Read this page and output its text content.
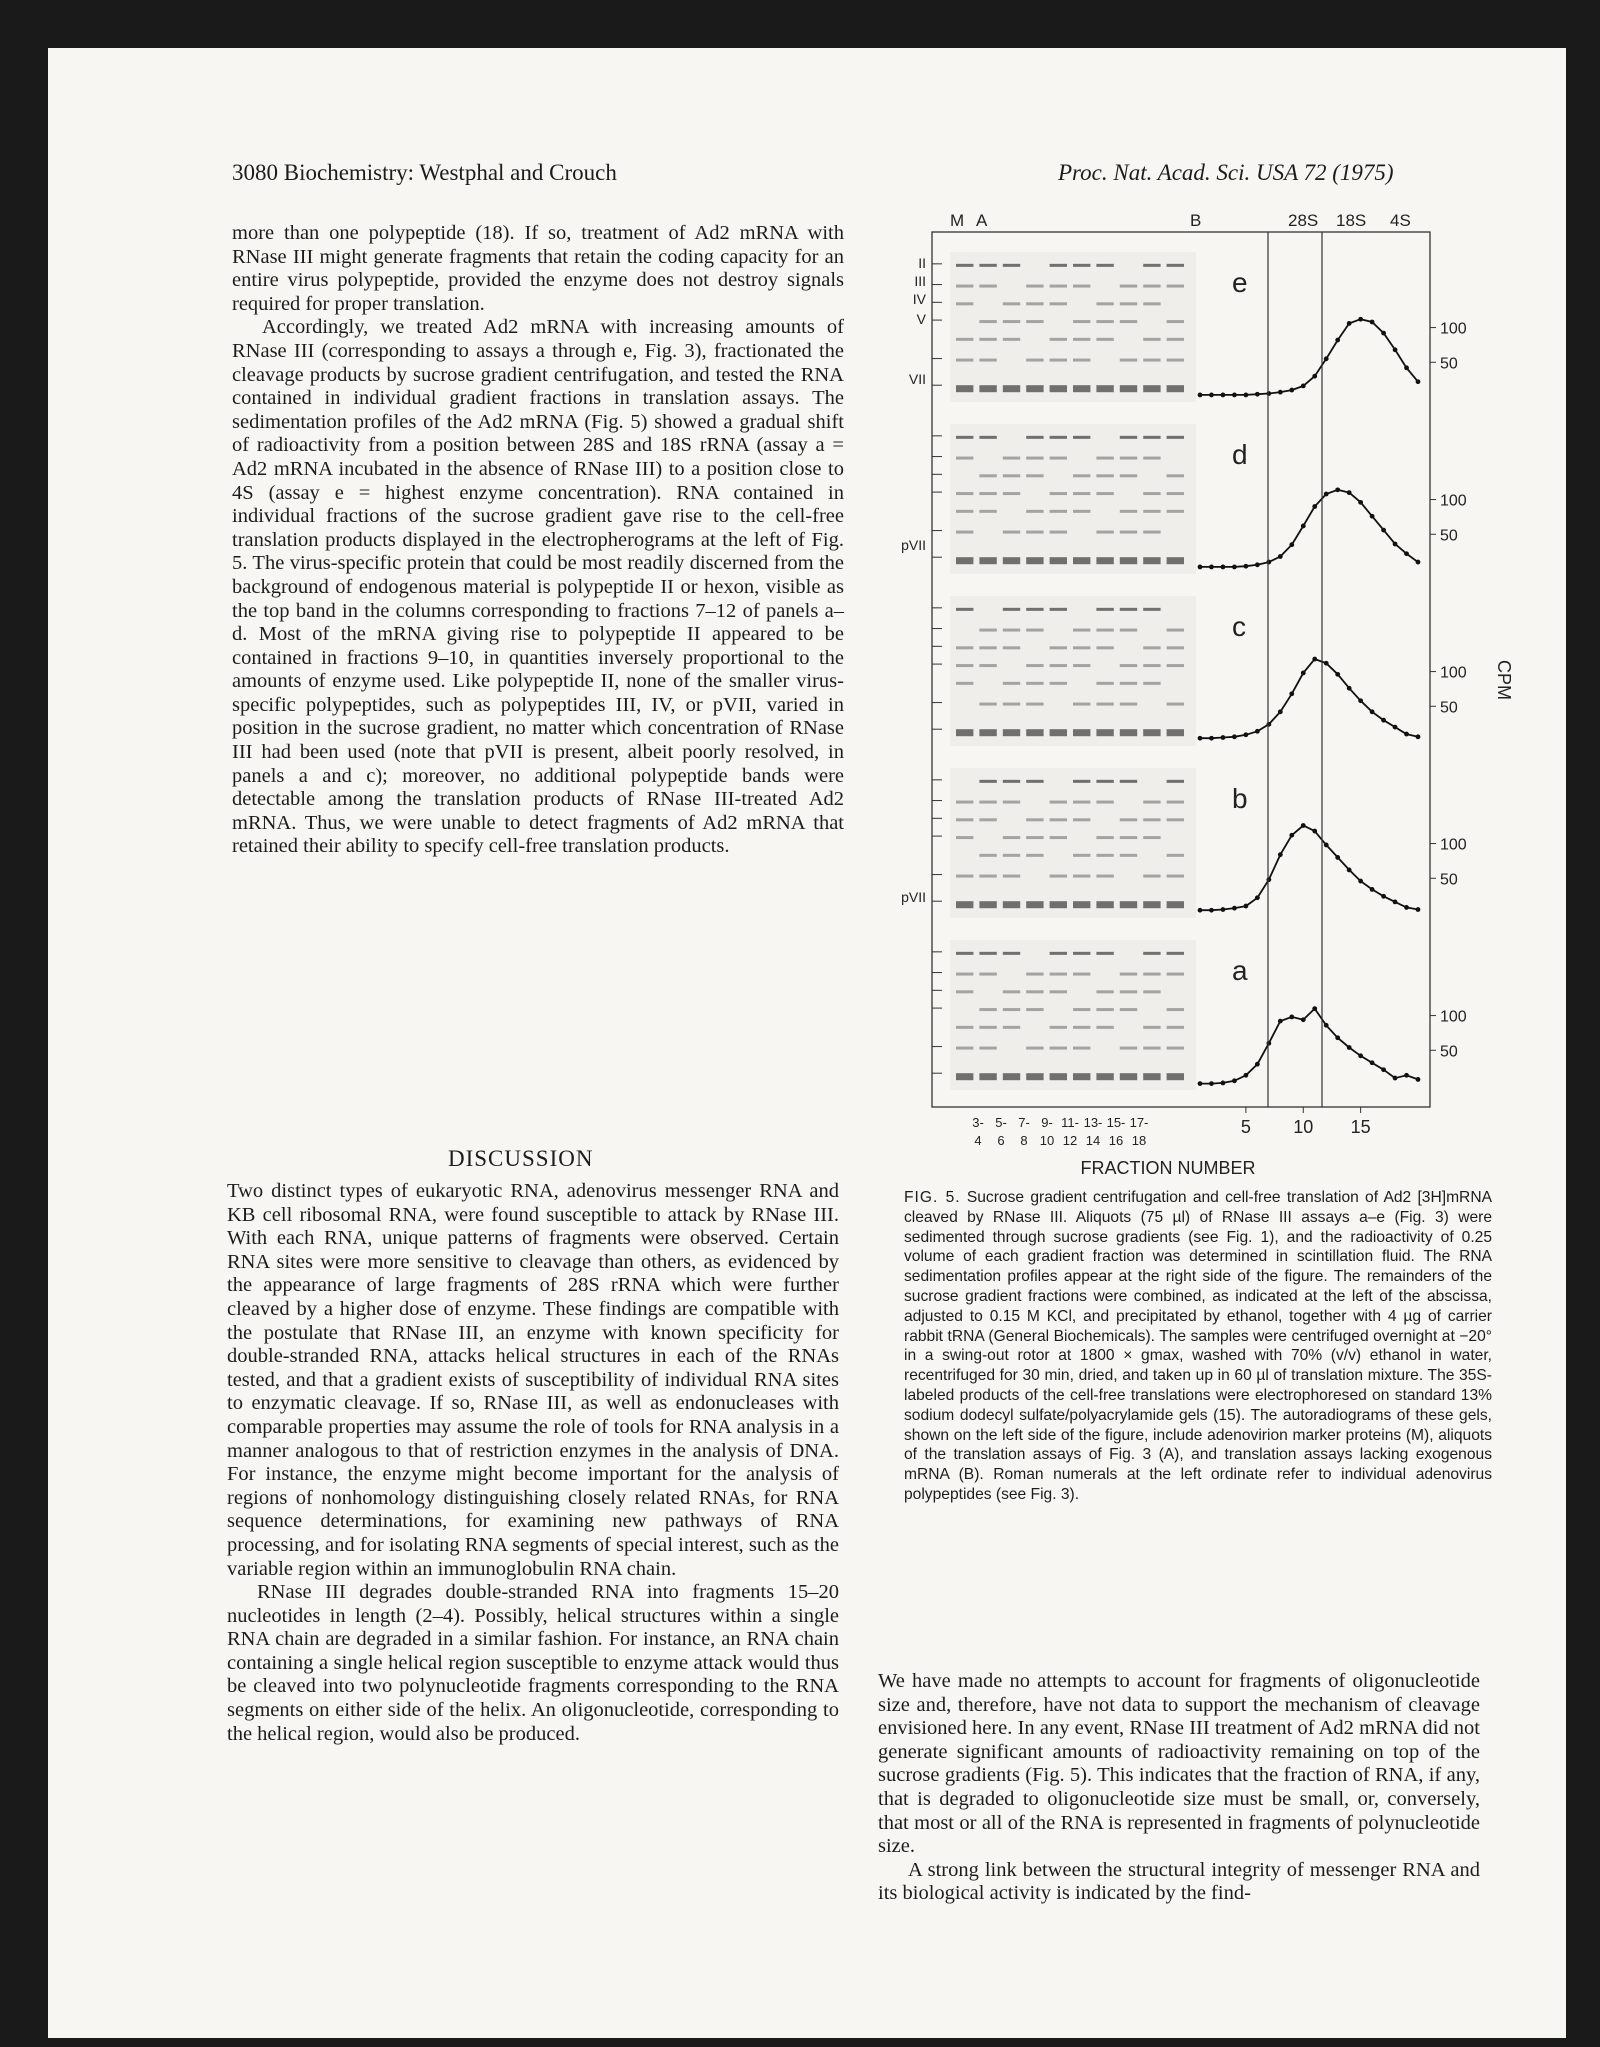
3080 Biochemistry: Westphal and Crouch	Proc. Nat. Acad. Sci. USA 72 (1975)

more than one polypeptide (18). If so, treatment of Ad2 mRNA with RNase III might generate fragments that retain the coding capacity for an entire virus polypeptide, provided the enzyme does not destroy signals required for proper translation.

Accordingly, we treated Ad2 mRNA with increasing amounts of RNase III (corresponding to assays a through e, Fig. 3), fractionated the cleavage products by sucrose gradient centrifugation, and tested the RNA contained in individual gradient fractions in translation assays. The sedimentation profiles of the Ad2 mRNA (Fig. 5) showed a gradual shift of radioactivity from a position between 28S and 18S rRNA (assay a = Ad2 mRNA incubated in the absence of RNase III) to a position close to 4S (assay e = highest enzyme concentration). RNA contained in individual fractions of the sucrose gradient gave rise to the cell-free translation products displayed in the electropherograms at the left of Fig. 5. The virus-specific protein that could be most readily discerned from the background of endogenous material is polypeptide II or hexon, visible as the top band in the columns corresponding to fractions 7–12 of panels a–d. Most of the mRNA giving rise to polypeptide II appeared to be contained in fractions 9–10, in quantities inversely proportional to the amounts of enzyme used. Like polypeptide II, none of the smaller virus-specific polypeptides, such as polypeptides III, IV, or pVII, varied in position in the sucrose gradient, no matter which concentration of RNase III had been used (note that pVII is present, albeit poorly resolved, in panels a and c); moreover, no additional polypeptide bands were detectable among the translation products of RNase III-treated Ad2 mRNA. Thus, we were unable to detect fragments of Ad2 mRNA that retained their ability to specify cell-free translation products.

DISCUSSION

Two distinct types of eukaryotic RNA, adenovirus messenger RNA and KB cell ribosomal RNA, were found susceptible to attack by RNase III. With each RNA, unique patterns of fragments were observed. Certain RNA sites were more sensitive to cleavage than others, as evidenced by the appearance of large fragments of 28S rRNA which were further cleaved by a higher dose of enzyme. These findings are compatible with the postulate that RNase III, an enzyme with known specificity for double-stranded RNA, attacks helical structures in each of the RNAs tested, and that a gradient exists of susceptibility of individual RNA sites to enzymatic cleavage. If so, RNase III, as well as endonucleases with comparable properties may assume the role of tools for RNA analysis in a manner analogous to that of restriction enzymes in the analysis of DNA. For instance, the enzyme might become important for the analysis of regions of nonhomology distinguishing closely related RNAs, for RNA sequence determinations, for examining new pathways of RNA processing, and for isolating RNA segments of special interest, such as the variable region within an immunoglobulin RNA chain.

RNase III degrades double-stranded RNA into fragments 15–20 nucleotides in length (2–4). Possibly, helical structures within a single RNA chain are degraded in a similar fashion. For instance, an RNA chain containing a single helical region susceptible to enzyme attack would thus be cleaved into two polynucleotide fragments corresponding to the RNA segments on either side of the helix. An oligonucleotide, corresponding to the helical region, would also be produced.

We have made no attempts to account for fragments of oligonucleotide size and, therefore, have not data to support the mechanism of cleavage envisioned here. In any event, RNase III treatment of Ad2 mRNA did not generate significant amounts of radioactivity remaining on top of the sucrose gradients (Fig. 5). This indicates that the fraction of RNA, if any, that is degraded to oligonucleotide size must be small, or, conversely, that most or all of the RNA is represented in fragments of polynucleotide size.

A strong link between the structural integrity of messenger RNA and its biological activity is indicated by the find-

FIG. 5. Sucrose gradient centrifugation and cell-free translation of Ad2 [3H]mRNA cleaved by RNase III. Aliquots (75 µl) of RNase III assays a–e (Fig. 3) were sedimented through sucrose gradients (see Fig. 1), and the radioactivity of 0.25 volume of each gradient fraction was determined in scintillation fluid. The RNA sedimentation profiles appear at the right side of the figure. The remainders of the sucrose gradient fractions were combined, as indicated at the left of the abscissa, adjusted to 0.15 M KCl, and precipitated by ethanol, together with 4 µg of carrier rabbit tRNA (General Biochemicals). The samples were centrifuged overnight at −20° in a swing-out rotor at 1800 × gmax, washed with 70% (v/v) ethanol in water, recentrifuged for 30 min, dried, and taken up in 60 µl of translation mixture. The 35S-labeled products of the cell-free translations were electrophoresed on standard 13% sodium dodecyl sulfate/polyacrylamide gels (15). The autoradiograms of these gels, shown on the left side of the figure, include adenovirion marker proteins (M), aliquots of the translation assays of Fig. 3 (A), and translation assays lacking exogenous mRNA (B). Roman numerals at the left ordinate refer to individual adenovirus polypeptides (see Fig. 3).
M A	B	28S 18S 4S
e
50
100
d
50
100
c
50
100
b
50
100
a
50
100
II
III
IV
V
VII
pVII
pVII
5 10 15
3- 5- 7- 9- 11- 13- 15- 17-
4 6 8 10 12 14 16 18
FRACTION NUMBER
CPM
